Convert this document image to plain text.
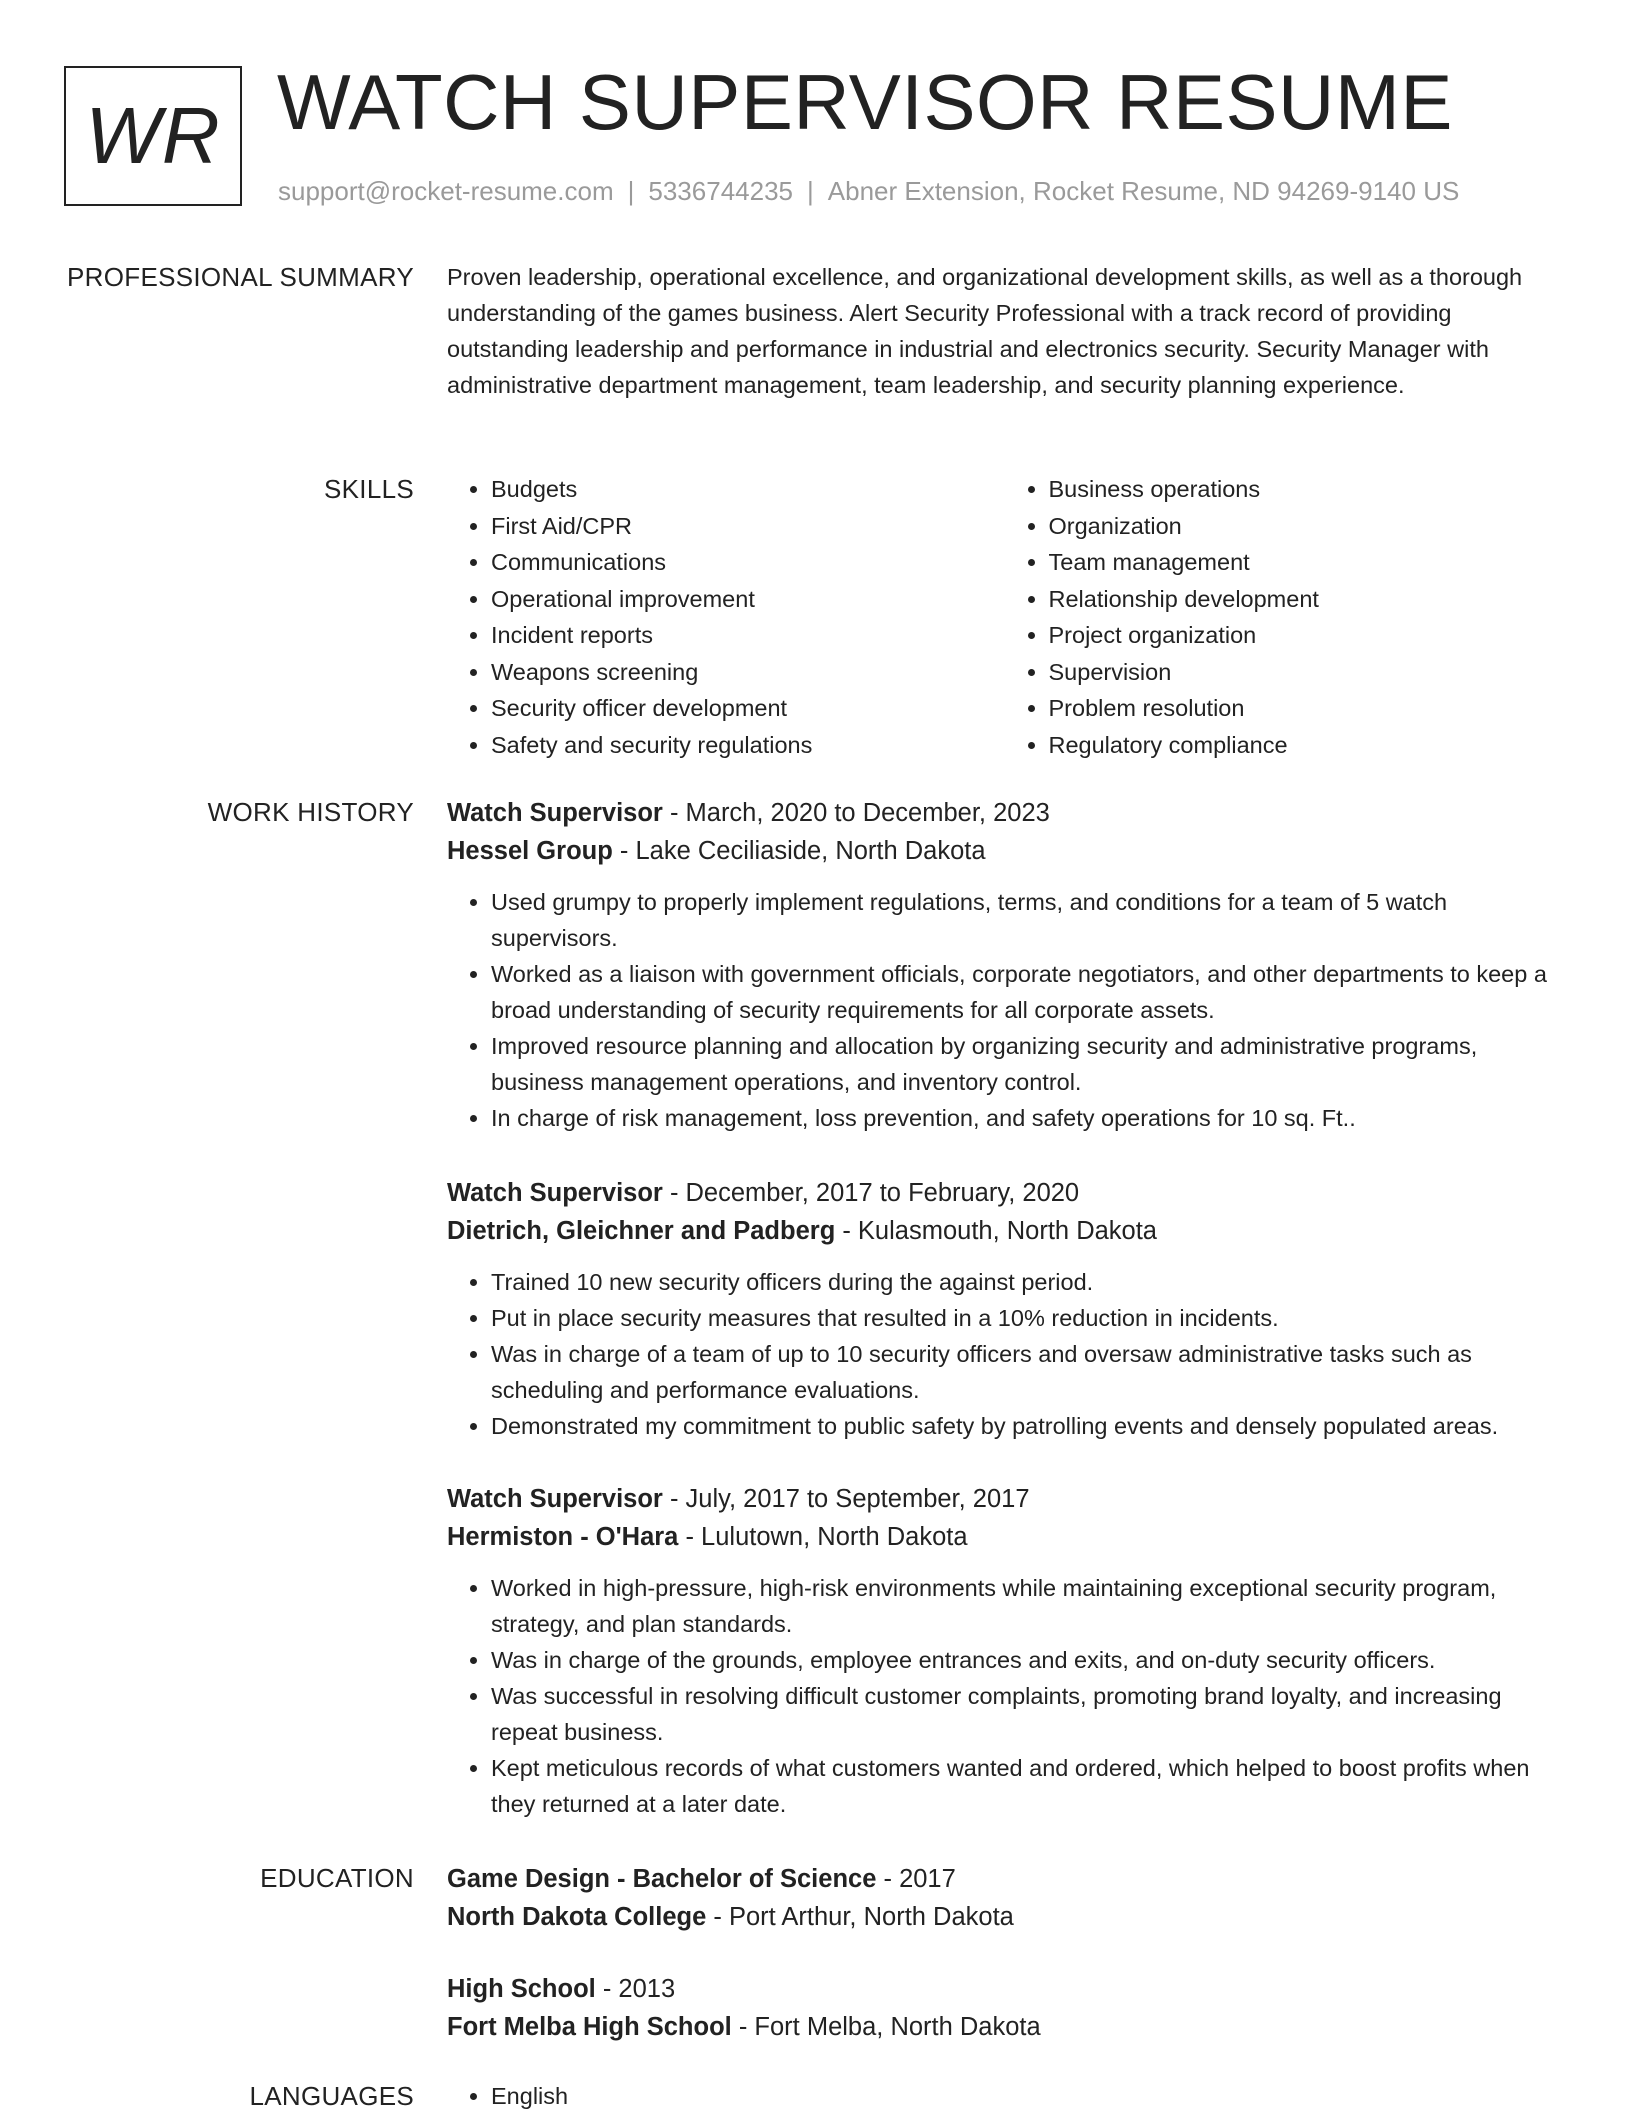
WR WATCH SUPERVISOR RESUME
support@rocket-resume.com | 5336744235 | Abner Extension, Rocket Resume, ND 94269-9140 US
PROFESSIONAL SUMMARY Proven leadership, operational excellence, and organizational development skills, as well as a thorough understanding of the games business. Alert Security Professional with a track record of providing outstanding leadership and performance in industrial and electronics security. Security Manager with administrative department management, team leadership, and security planning experience.

SKILLS	• Budgets
• First Aid/CPR
• Communications
• Operational improvement
• Incident reports
• Weapons screening
• Security officer development
• Safety and security regulations
• Business operations
• Organization
• Team management
• Relationship development
• Project organization
• Supervision
• Problem resolution
• Regulatory compliance
WORK HISTORY Watch Supervisor - March, 2020 to December, 2023

Hessel Group - Lake Ceciliaside, North Dakota

• Used grumpy to properly implement regulations, terms, and conditions for a team of 5 watch supervisors.
• Worked as a liaison with government officials, corporate negotiators, and other departments to keep a broad understanding of security requirements for all corporate assets.
• Improved resource planning and allocation by organizing security and administrative programs, business management operations, and inventory control.
• In charge of risk management, loss prevention, and safety operations for 10 sq. Ft..

Watch Supervisor - December, 2017 to February, 2020

Dietrich, Gleichner and Padberg - Kulasmouth, North Dakota

• Trained 10 new security officers during the against period.
• Put in place security measures that resulted in a 10% reduction in incidents.
• Was in charge of a team of up to 10 security officers and oversaw administrative tasks such as scheduling and performance evaluations.
• Demonstrated my commitment to public safety by patrolling events and densely populated areas.

Watch Supervisor - July, 2017 to September, 2017

Hermiston - O'Hara - Lulutown, North Dakota

• Worked in high-pressure, high-risk environments while maintaining exceptional security program, strategy, and plan standards.
• Was in charge of the grounds, employee entrances and exits, and on-duty security officers.
• Was successful in resolving difficult customer complaints, promoting brand loyalty, and increasing repeat business.
• Kept meticulous records of what customers wanted and ordered, which helped to boost profits when they returned at a later date.
EDUCATION Game Design - Bachelor of Science - 2017

North Dakota College - Port Arthur, North Dakota

High School - 2013

Fort Melba High School - Fort Melba, North Dakota

LANGUAGES	• English
